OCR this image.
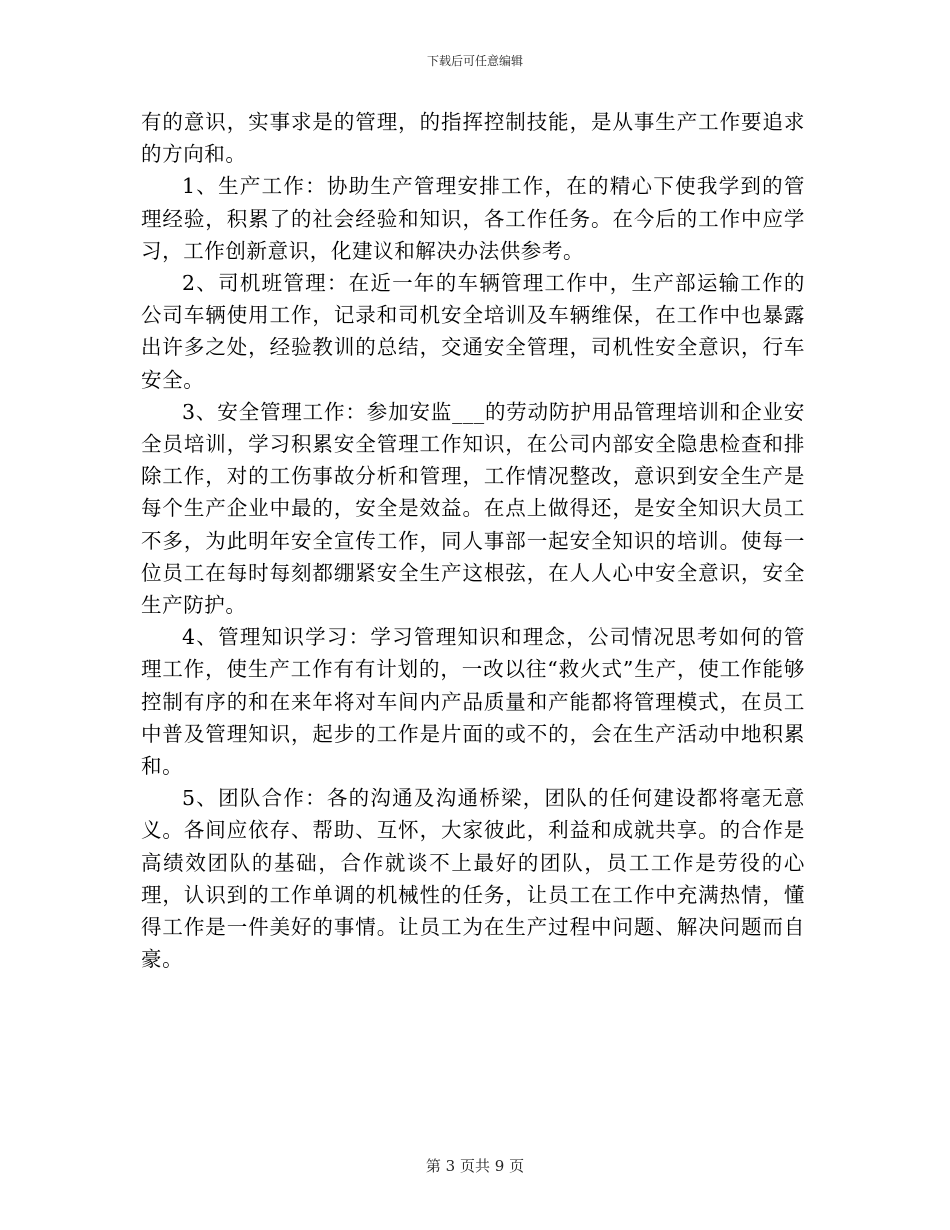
下载后可任意编辑

有的意识，实事求是的管理，的指挥控制技能，是从事生产工作要追求的方向和。

1、生产工作：协助生产管理安排工作，在的精心下使我学到的管理经验，积累了的社会经验和知识，各工作任务。在今后的工作中应学习，工作创新意识，化建议和解决办法供参考。

2、司机班管理：在近一年的车辆管理工作中，生产部运输工作的公司车辆使用工作，记录和司机安全培训及车辆维保，在工作中也暴露出许多之处，经验教训的总结，交通安全管理，司机性安全意识，行车安全。

3、安全管理工作：参加安监___的劳动防护用品管理培训和企业安全员培训，学习积累安全管理工作知识，在公司内部安全隐患检查和排除工作，对的工伤事故分析和管理，工作情况整改，意识到安全生产是每个生产企业中最的，安全是效益。在点上做得还，是安全知识大员工不多，为此明年安全宣传工作，同人事部一起安全知识的培训。使每一位员工在每时每刻都绷紧安全生产这根弦，在人人心中安全意识，安全生产防护。

4、管理知识学习：学习管理知识和理念，公司情况思考如何的管理工作，使生产工作有有计划的，一改以往“救火式”生产，使工作能够控制有序的和在来年将对车间内产品质量和产能都将管理模式，在员工中普及管理知识，起步的工作是片面的或不的，会在生产活动中地积累和。

5、团队合作：各的沟通及沟通桥梁，团队的任何建设都将毫无意义。各间应依存、帮助、互怀，大家彼此，利益和成就共享。的合作是高绩效团队的基础，合作就谈不上最好的团队，员工工作是劳役的心理，认识到的工作单调的机械性的任务，让员工在工作中充满热情，懂得工作是一件美好的事情。让员工为在生产过程中问题、解决问题而自豪。

第 3 页共 9 页
